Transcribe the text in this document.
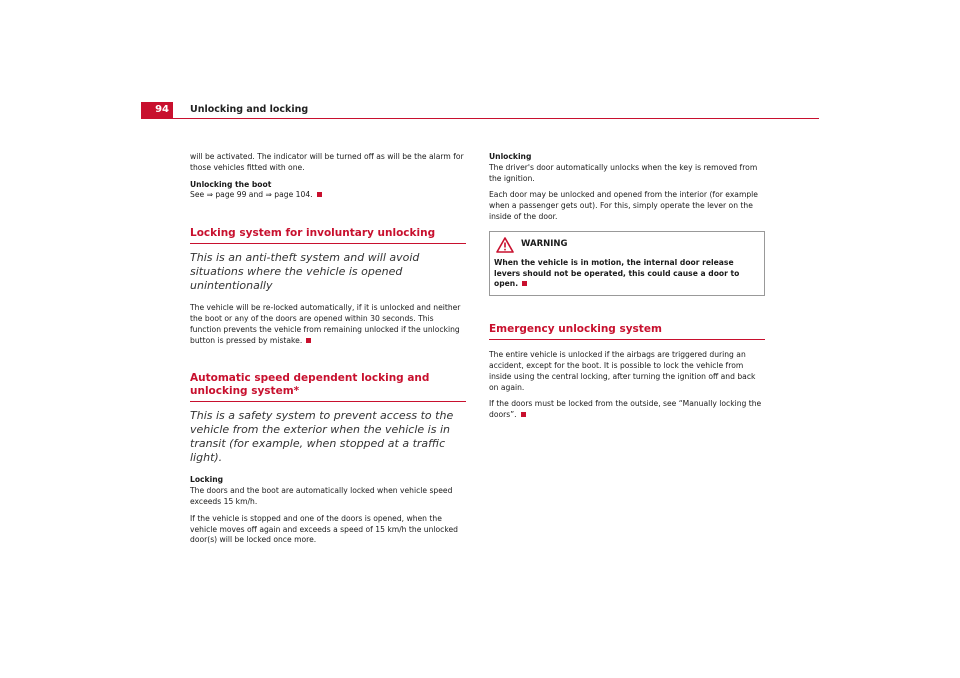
94	Unlocking and locking

will be activated. The indicator will be turned off as will be the alarm for those vehicles fitted with one.

Unlocking the boot

See ⇒ page 99 and ⇒ page 104.

Locking system for involuntary unlocking
This is an anti-theft system and will avoid situations where the vehicle is opened unintentionally

The vehicle will be re-locked automatically, if it is unlocked and neither the boot or any of the doors are opened within 30 seconds. This function prevents the vehicle from remaining unlocked if the unlocking button is pressed by mistake.

Automatic speed dependent locking and unlocking system*
This is a safety system to prevent access to the vehicle from the exterior when the vehicle is in transit (for example, when stopped at a traffic light).

Locking

The doors and the boot are automatically locked when vehicle speed exceeds 15 km/h.

If the vehicle is stopped and one of the doors is opened, when the vehicle moves off again and exceeds a speed of 15 km/h the unlocked door(s) will be locked once more.

Unlocking

The driver's door automatically unlocks when the key is removed from the ignition.

Each door may be unlocked and opened from the interior (for example when a passenger gets out). For this, simply operate the lever on the inside of the door.

WARNING

When the vehicle is in motion, the internal door release levers should not be operated, this could cause a door to open.

Emergency unlocking system

The entire vehicle is unlocked if the airbags are triggered during an accident, except for the boot. It is possible to lock the vehicle from inside using the central locking, after turning the ignition off and back on again.

If the doors must be locked from the outside, see “Manually locking the doors”.
